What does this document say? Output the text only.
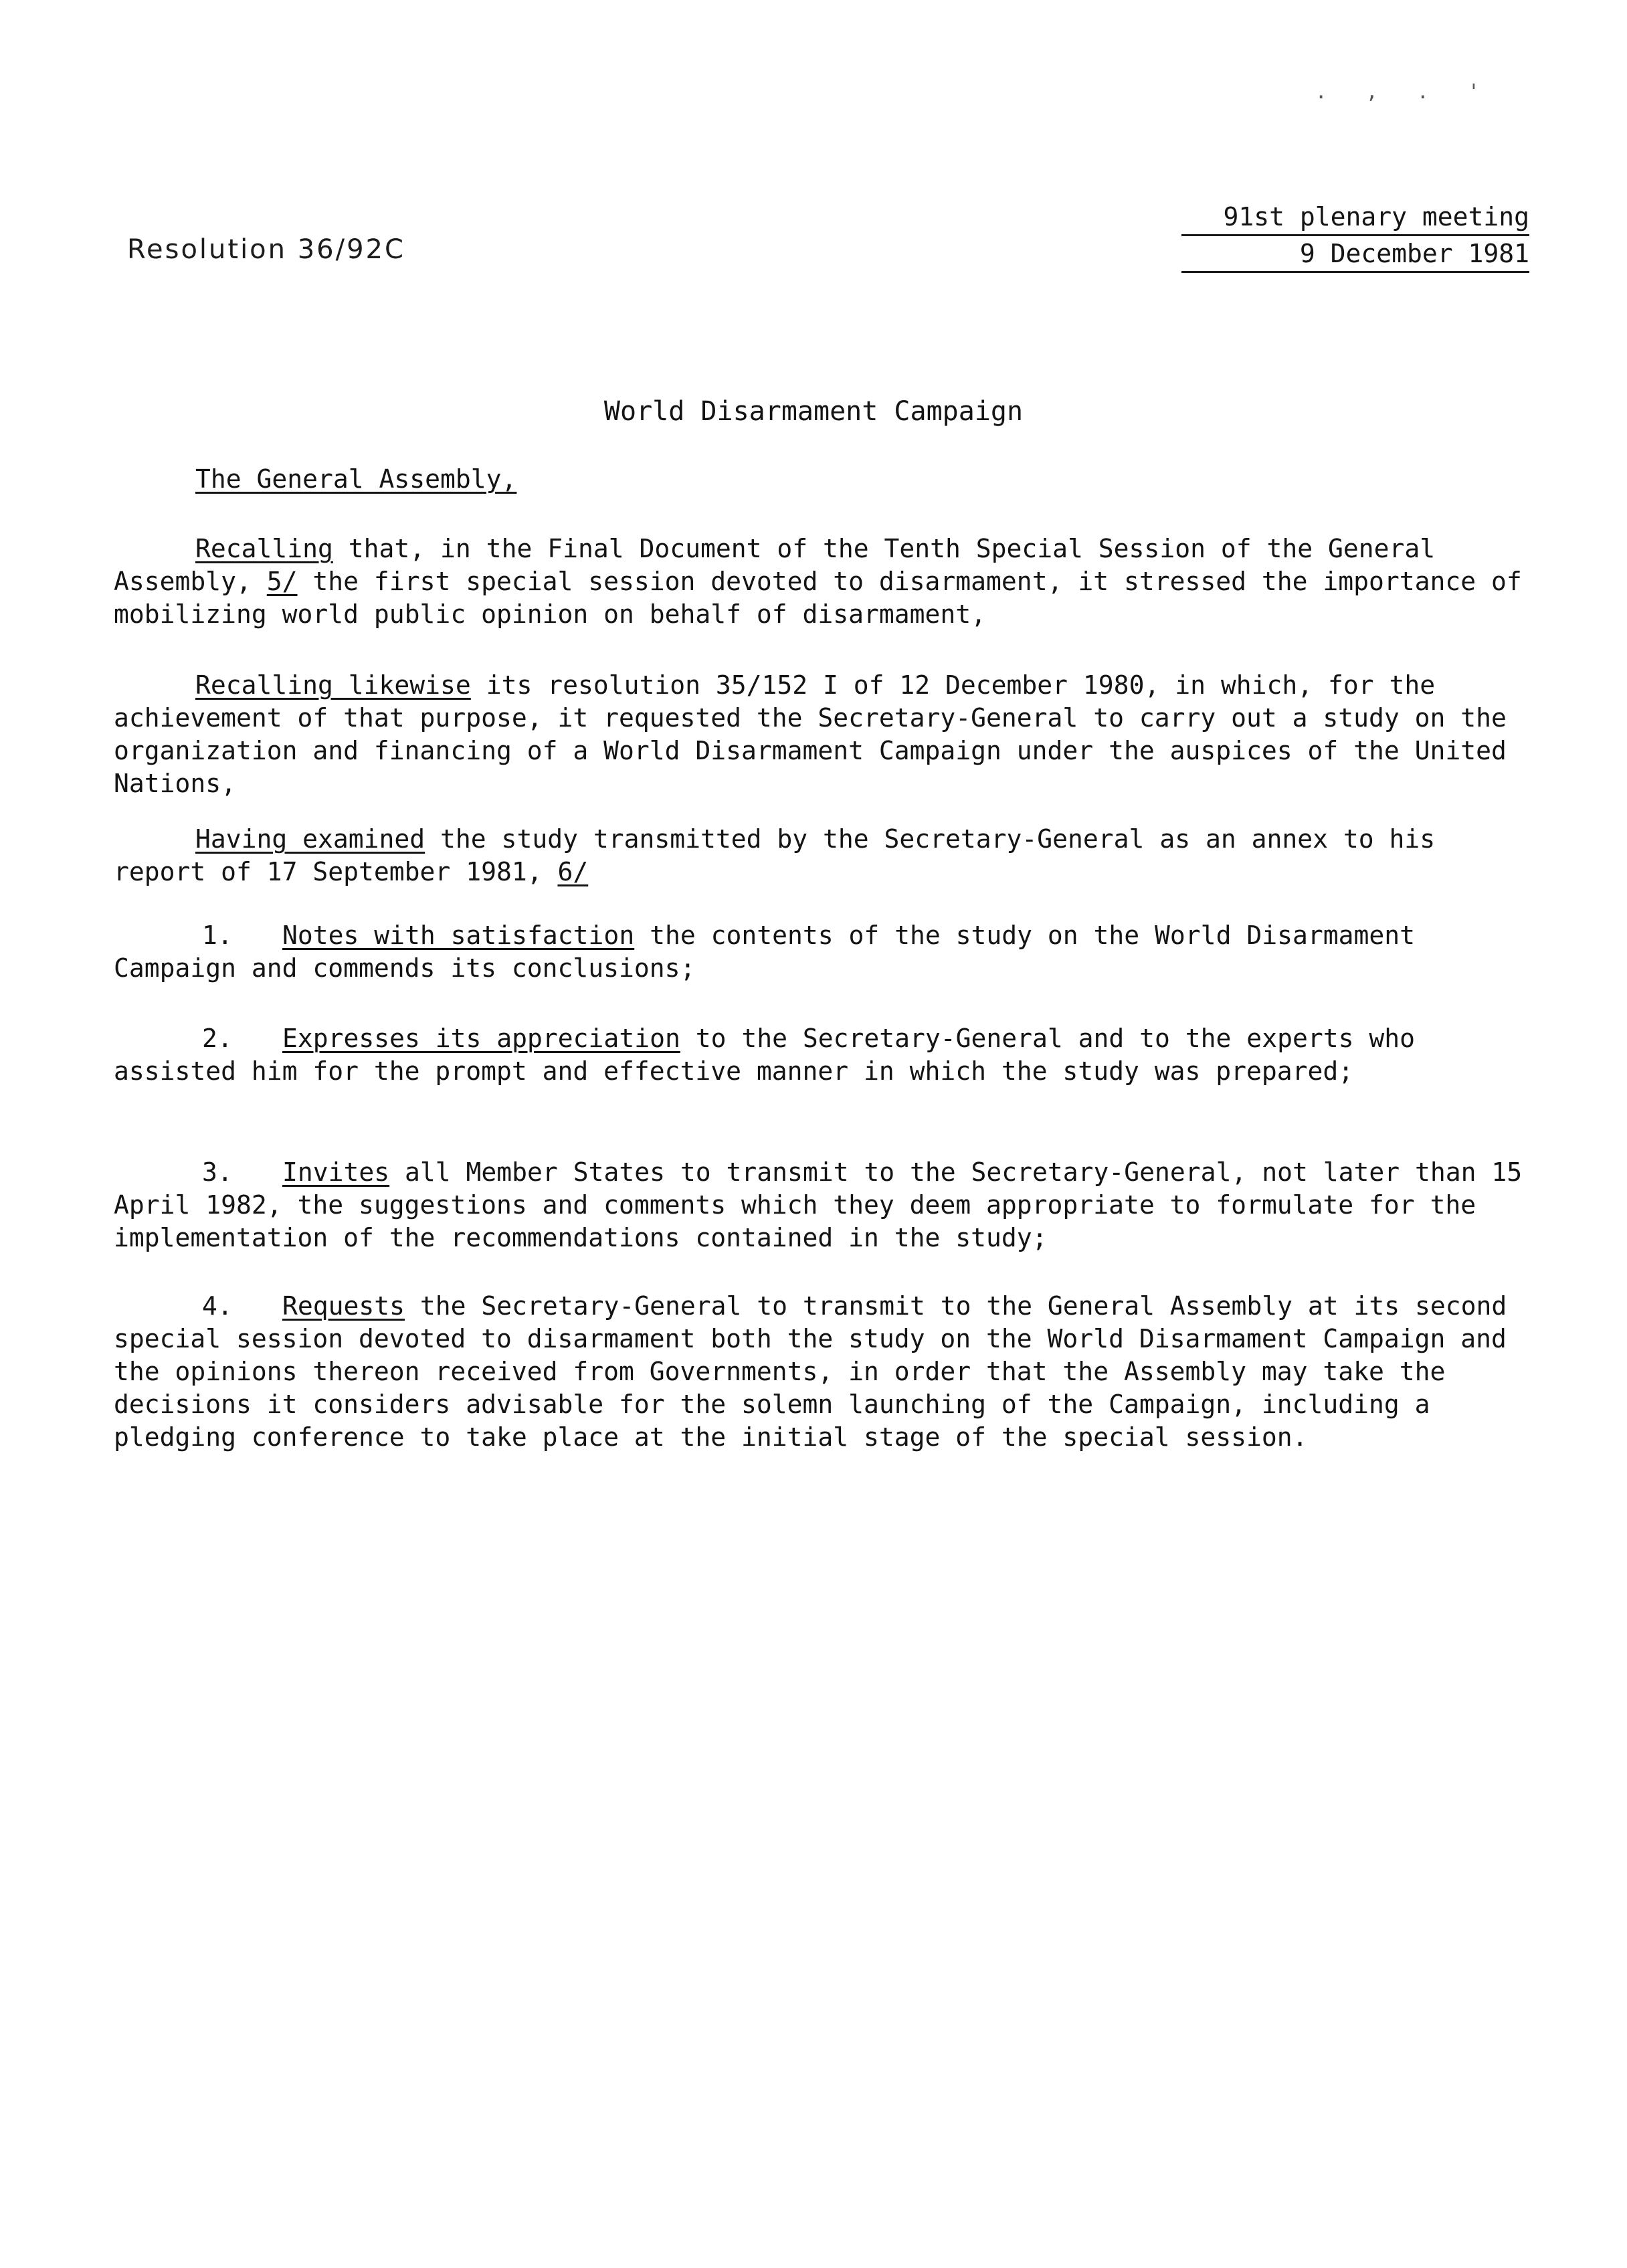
. , . '
Resolution 36/92C
91st plenary meeting
9 December 1981
World Disarmament Campaign
The General Assembly,
Recalling that, in the Final Document of the Tenth Special Session of the General Assembly, 5/ the first special session devoted to disarmament, it stressed the importance of mobilizing world public opinion on behalf of disarmament,
Recalling likewise its resolution 35/152 I of 12 December 1980, in which, for the achievement of that purpose, it requested the Secretary-General to carry out a study on the organization and financing of a World Disarmament Campaign under the auspices of the United Nations,
Having examined the study transmitted by the Secretary-General as an annex to his report of 17 September 1981, 6/
1. Notes with satisfaction the contents of the study on the World Disarmament Campaign and commends its conclusions;
2. Expresses its appreciation to the Secretary-General and to the experts who assisted him for the prompt and effective manner in which the study was prepared;
3. Invites all Member States to transmit to the Secretary-General, not later than 15 April 1982, the suggestions and comments which they deem appropriate to formulate for the implementation of the recommendations contained in the study;
4. Requests the Secretary-General to transmit to the General Assembly at its second special session devoted to disarmament both the study on the World Disarmament Campaign and the opinions thereon received from Governments, in order that the Assembly may take the decisions it considers advisable for the solemn launching of the Campaign, including a pledging conference to take place at the initial stage of the special session.
